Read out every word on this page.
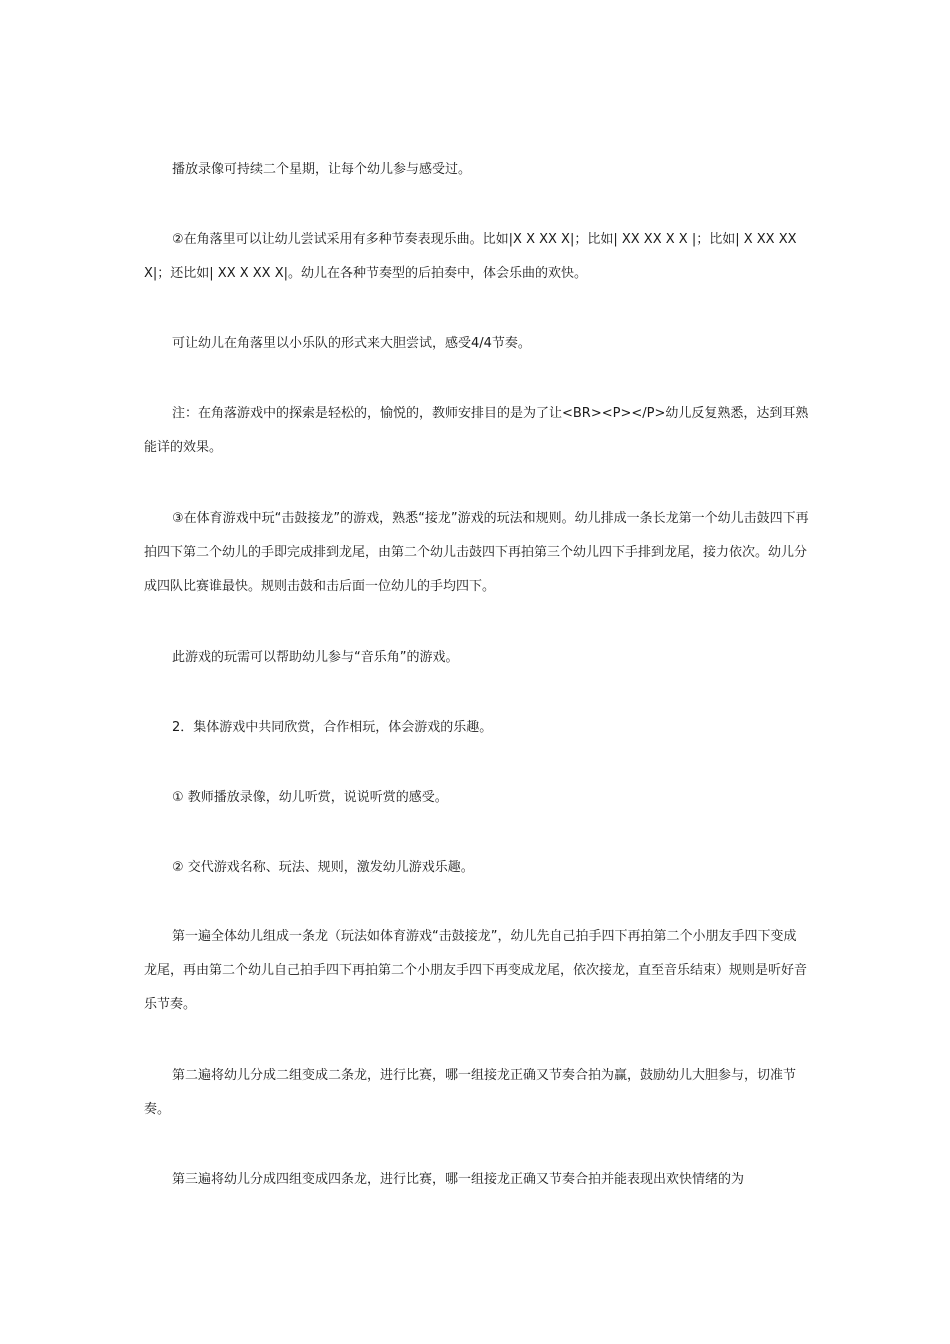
播放录像可持续二个星期，让每个幼儿参与感受过。

②在角落里可以让幼儿尝试采用有多种节奏表现乐曲。比如|X X XX X|；比如| XX XX X X |；比如| X XX XX X|；还比如| XX X XX X|。幼儿在各种节奏型的后拍奏中，体会乐曲的欢快。

可让幼儿在角落里以小乐队的形式来大胆尝试，感受4/4节奏。

注：在角落游戏中的探索是轻松的，愉悦的，教师安排目的是为了让<BR><P></P>幼儿反复熟悉，达到耳熟能详的效果。

③在体育游戏中玩“击鼓接龙”的游戏，熟悉“接龙”游戏的玩法和规则。幼儿排成一条长龙第一个幼儿击鼓四下再拍四下第二个幼儿的手即完成排到龙尾，由第二个幼儿击鼓四下再拍第三个幼儿四下手排到龙尾，接力依次。幼儿分成四队比赛谁最快。规则击鼓和击后面一位幼儿的手均四下。

此游戏的玩需可以帮助幼儿参与“音乐角”的游戏。

2．集体游戏中共同欣赏，合作相玩，体会游戏的乐趣。

① 教师播放录像，幼儿听赏，说说听赏的感受。

② 交代游戏名称、玩法、规则，激发幼儿游戏乐趣。

第一遍全体幼儿组成一条龙（玩法如体育游戏“击鼓接龙”，幼儿先自己拍手四下再拍第二个小朋友手四下变成龙尾，再由第二个幼儿自己拍手四下再拍第二个小朋友手四下再变成龙尾，依次接龙，直至音乐结束）规则是听好音乐节奏。

第二遍将幼儿分成二组变成二条龙，进行比赛，哪一组接龙正确又节奏合拍为赢，鼓励幼儿大胆参与，切准节奏。

第三遍将幼儿分成四组变成四条龙，进行比赛，哪一组接龙正确又节奏合拍并能表现出欢快情绪的为
